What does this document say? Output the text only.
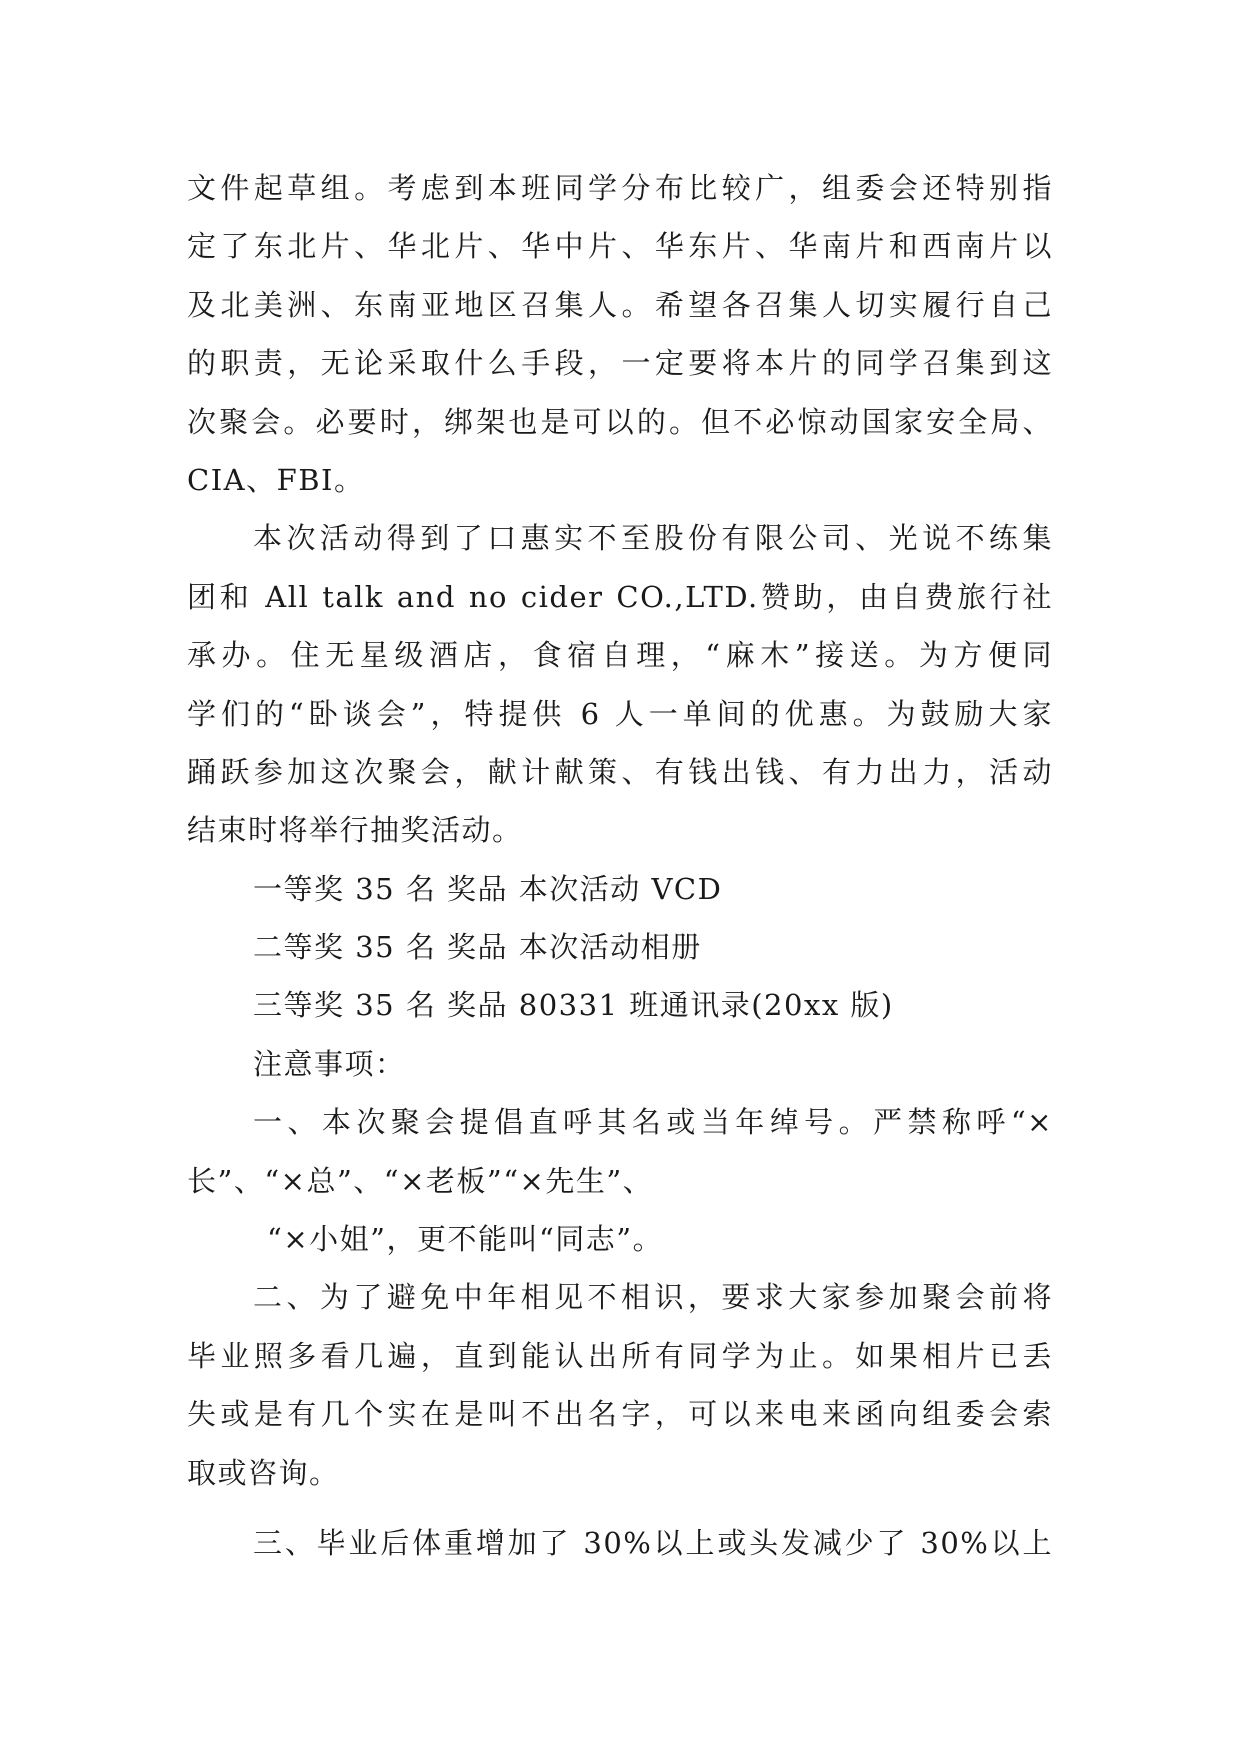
文件起草组。考虑到本班同学分布比较广，组委会还特别指
定了东北片、华北片、华中片、华东片、华南片和西南片以
及北美洲、东南亚地区召集人。希望各召集人切实履行自己
的职责，无论采取什么手段，一定要将本片的同学召集到这
次聚会。必要时，绑架也是可以的。但不必惊动国家安全局、
CIA、FBI。
本次活动得到了口惠实不至股份有限公司、光说不练集
团和 All talk and no cider CO.,LTD.赞助，由自费旅行社
承办。住无星级酒店，食宿自理，“麻木”接送。为方便同
学们的“卧谈会”，特提供 6 人一单间的优惠。为鼓励大家
踊跃参加这次聚会，献计献策、有钱出钱、有力出力，活动
结束时将举行抽奖活动。
一等奖 35 名 奖品 本次活动 VCD
二等奖 35 名 奖品 本次活动相册
三等奖 35 名 奖品 80331 班通讯录(20xx 版)
注意事项：
一、本次聚会提倡直呼其名或当年绰号。严禁称呼“×
长”、“×总”、“×老板”“×先生”、
“×小姐”，更不能叫“同志”。
二、为了避免中年相见不相识，要求大家参加聚会前将
毕业照多看几遍，直到能认出所有同学为止。如果相片已丢
失或是有几个实在是叫不出名字，可以来电来函向组委会索
取或咨询。
三、毕业后体重增加了 30%以上或头发减少了 30%以上
